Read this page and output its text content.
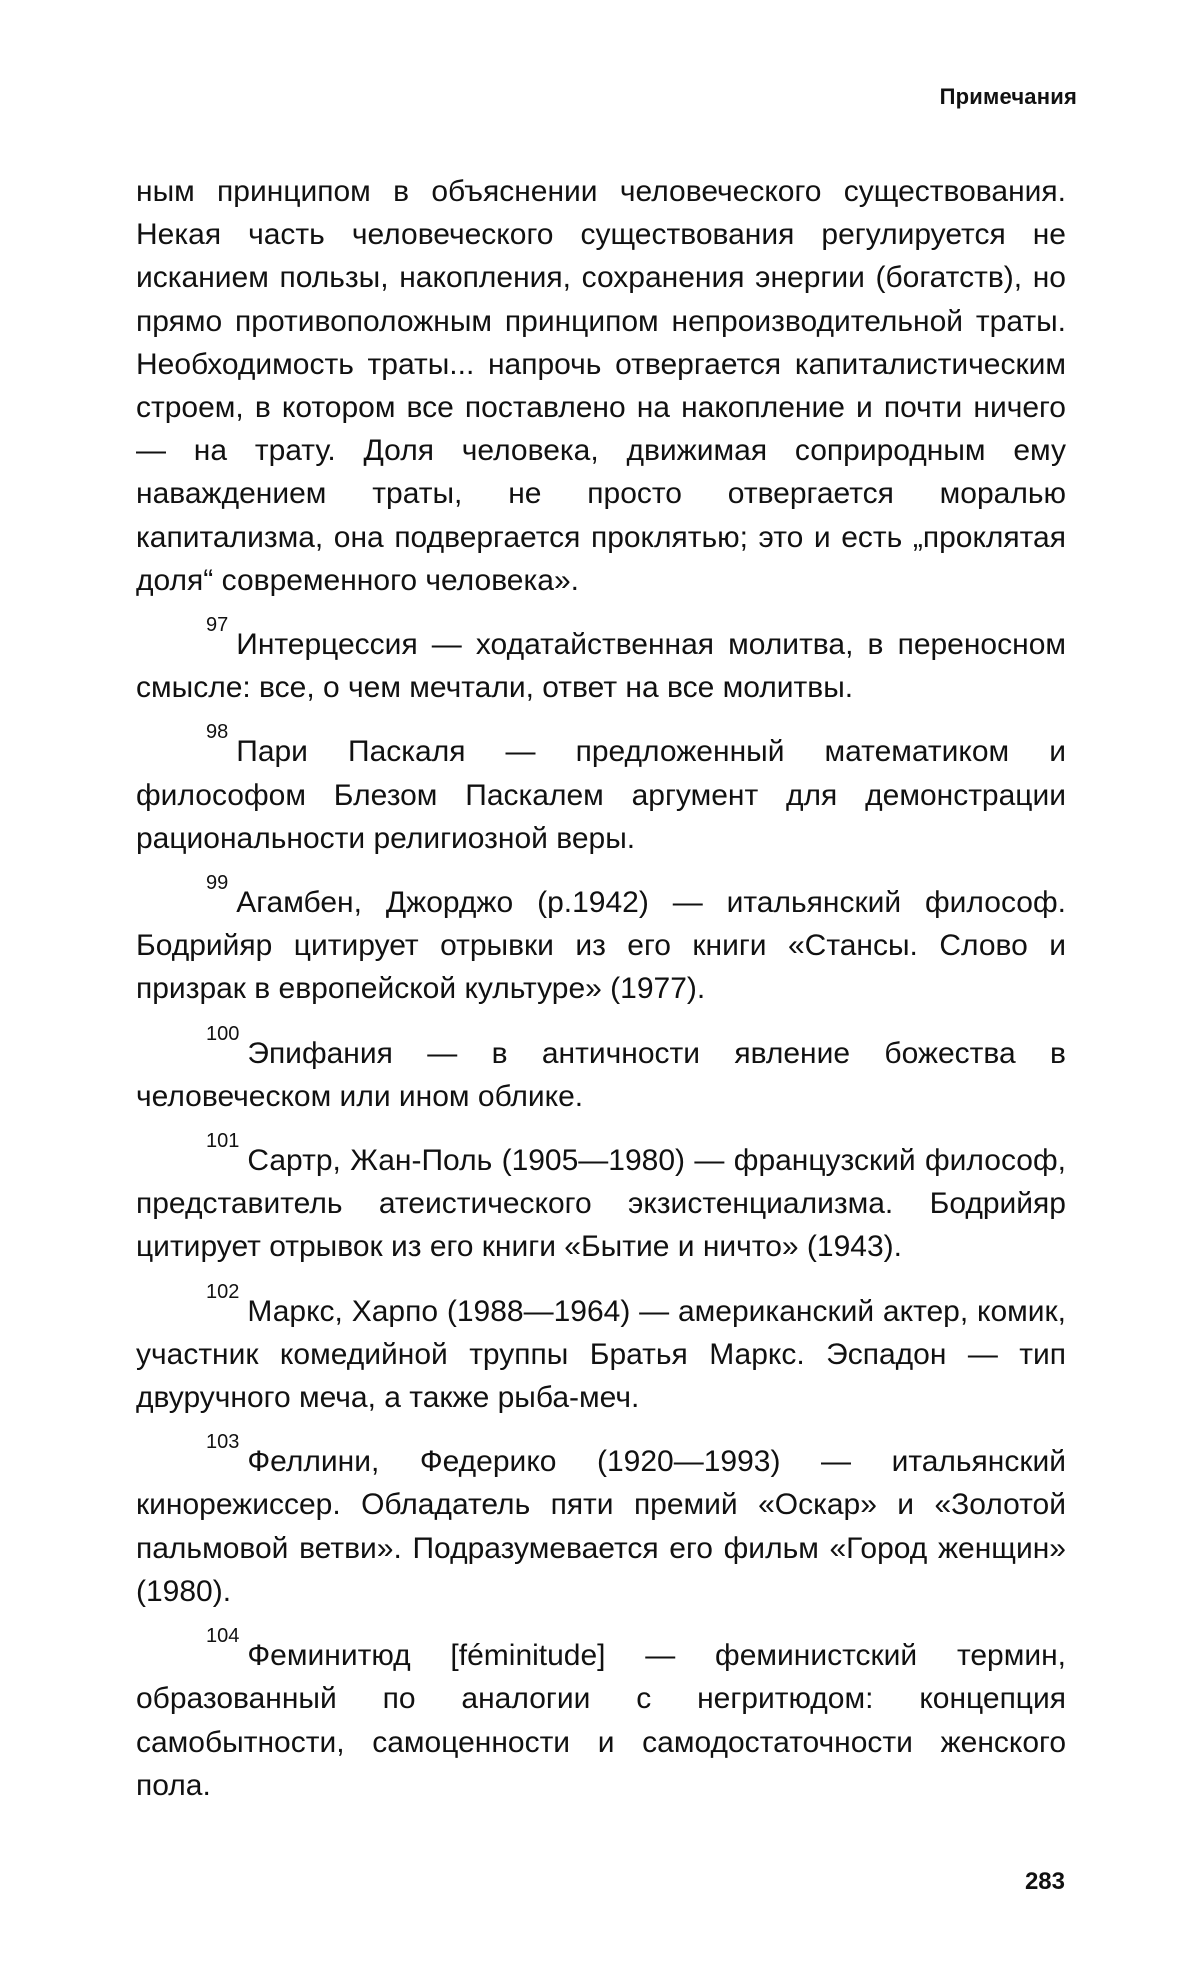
Примечания

ным принципом в объяснении человеческого существования. Некая часть человеческого существования регулируется не исканием пользы, накопления, сохранения энергии (богатств), но прямо противоположным принципом непроизводительной траты. Необходимость траты... напрочь отвергается капиталистическим строем, в котором все поставлено на накопление и почти ничего — на трату. Доля человека, движимая соприродным ему наваждением траты, не просто отвергается моралью капитализма, она подвергается проклятью; это и есть „проклятая доля“ современного человека».

$^{97}$Интерцессия — ходатайственная молитва, в переносном смысле: все, о чем мечтали, ответ на все молитвы.

$^{98}$Пари Паскаля — предложенный математиком и философом Блезом Паскалем аргумент для демонстрации рациональности религиозной веры.

$^{99}$Агамбен, Джорджо (р.1942) — итальянский философ. Бодрийяр цитирует отрывки из его книги «Стансы. Слово и призрак в европейской культуре» (1977).

$^{100}$Эпифания — в античности явление божества в человеческом или ином облике.

$^{101}$Сартр, Жан-Поль (1905—1980) — французский философ, представитель атеистического экзистенциализма. Бодрийяр цитирует отрывок из его книги «Бытие и ничто» (1943).

$^{102}$Маркс, Харпо (1988—1964) — американский актер, комик, участник комедийной труппы Братья Маркс. Эспадон — тип двуручного меча, а также рыба-меч.

$^{103}$Феллини, Федерико (1920—1993) — итальянский кинорежиссер. Обладатель пяти премий «Оскар» и «Золотой пальмовой ветви». Подразумевается его фильм «Город женщин» (1980).

$^{104}$Феминитюд [féminitude] — феминистский термин, образованный по аналогии с негритюдом: концепция самобытности, самоценности и самодостаточности женского пола.

283
